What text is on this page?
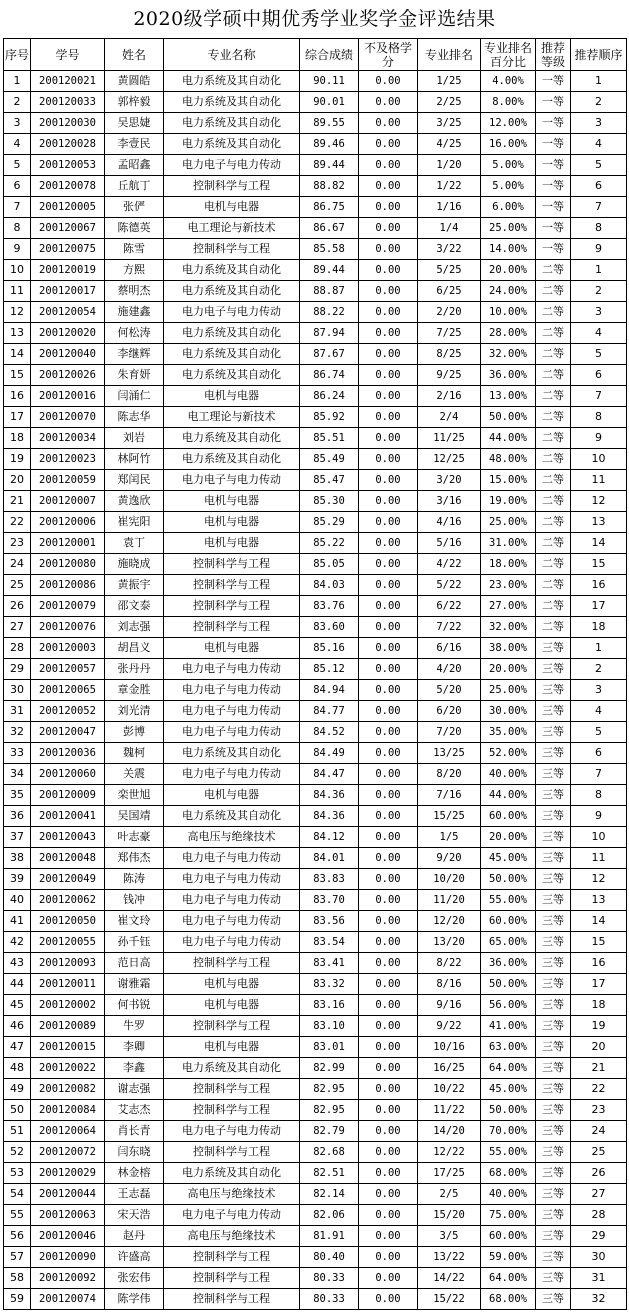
2020级学硕中期优秀学业奖学金评选结果
序号	学号	姓名	专业名称	综合成绩	不及格学分	专业排名	专业排名百分比	推荐等级	推荐顺序
1	200120021	黄圆皓	电力系统及其自动化	90.11	0.00	1/25	4.00%	一等	1
2	200120033	郭梓毅	电力系统及其自动化	90.01	0.00	2/25	8.00%	一等	2
3	200120030	吴思婕	电力系统及其自动化	89.55	0.00	3/25	12.00%	一等	3
4	200120028	李壹民	电力系统及其自动化	89.46	0.00	4/25	16.00%	一等	4
5	200120053	孟昭鑫	电力电子与电力传动	89.44	0.00	1/20	5.00%	一等	5
6	200120078	丘航丁	控制科学与工程	88.82	0.00	1/22	5.00%	一等	6
7	200120005	张俨	电机与电器	86.75	0.00	1/16	6.00%	一等	7
8	200120067	陈德英	电工理论与新技术	86.67	0.00	1/4	25.00%	一等	8
9	200120075	陈雪	控制科学与工程	85.58	0.00	3/22	14.00%	一等	9
10	200120019	方熙	电力系统及其自动化	89.44	0.00	5/25	20.00%	二等	1
11	200120017	蔡明杰	电力系统及其自动化	88.87	0.00	6/25	24.00%	二等	2
12	200120054	施建鑫	电力电子与电力传动	88.22	0.00	2/20	10.00%	二等	3
13	200120020	何松涛	电力系统及其自动化	87.94	0.00	7/25	28.00%	二等	4
14	200120040	李继辉	电力系统及其自动化	87.67	0.00	8/25	32.00%	二等	5
15	200120026	朱育妍	电力系统及其自动化	86.74	0.00	9/25	36.00%	二等	6
16	200120016	闫涌仁	电机与电器	86.24	0.00	2/16	13.00%	二等	7
17	200120070	陈志华	电工理论与新技术	85.92	0.00	2/4	50.00%	二等	8
18	200120034	刘岩	电力系统及其自动化	85.51	0.00	11/25	44.00%	二等	9
19	200120023	林阿竹	电力系统及其自动化	85.49	0.00	12/25	48.00%	二等	10
20	200120059	郑闰民	电力电子与电力传动	85.47	0.00	3/20	15.00%	二等	11
21	200120007	黄逸欣	电机与电器	85.30	0.00	3/16	19.00%	二等	12
22	200120006	崔宪阳	电机与电器	85.29	0.00	4/16	25.00%	二等	13
23	200120001	袁丁	电机与电器	85.22	0.00	5/16	31.00%	二等	14
24	200120080	施晓成	控制科学与工程	85.05	0.00	4/22	18.00%	二等	15
25	200120086	黄振宇	控制科学与工程	84.03	0.00	5/22	23.00%	二等	16
26	200120079	邵文泰	控制科学与工程	83.76	0.00	6/22	27.00%	二等	17
27	200120076	刘志强	控制科学与工程	83.60	0.00	7/22	32.00%	二等	18
28	200120003	胡昌义	电机与电器	85.16	0.00	6/16	38.00%	三等	1
29	200120057	张丹丹	电力电子与电力传动	85.12	0.00	4/20	20.00%	三等	2
30	200120065	章金胜	电力电子与电力传动	84.94	0.00	5/20	25.00%	三等	3
31	200120052	刘光清	电力电子与电力传动	84.77	0.00	6/20	30.00%	三等	4
32	200120047	彭博	电力电子与电力传动	84.52	0.00	7/20	35.00%	三等	5
33	200120036	魏柯	电力系统及其自动化	84.49	0.00	13/25	52.00%	三等	6
34	200120060	关震	电力电子与电力传动	84.47	0.00	8/20	40.00%	三等	7
35	200120009	栾世旭	电机与电器	84.36	0.00	7/16	44.00%	三等	8
36	200120041	吴国靖	电力系统及其自动化	84.36	0.00	15/25	60.00%	三等	9
37	200120043	叶志豪	高电压与绝缘技术	84.12	0.00	1/5	20.00%	三等	10
38	200120048	郑伟杰	电力电子与电力传动	84.01	0.00	9/20	45.00%	三等	11
39	200120049	陈涛	电力电子与电力传动	83.83	0.00	10/20	50.00%	三等	12
40	200120062	钱冲	电力电子与电力传动	83.70	0.00	11/20	55.00%	三等	13
41	200120050	崔文玲	电力电子与电力传动	83.56	0.00	12/20	60.00%	三等	14
42	200120055	孙千钰	电力电子与电力传动	83.54	0.00	13/20	65.00%	三等	15
43	200120093	范日高	控制科学与工程	83.41	0.00	8/22	36.00%	三等	16
44	200120011	谢雅霜	电机与电器	83.32	0.00	8/16	50.00%	三等	17
45	200120002	何书锐	电机与电器	83.16	0.00	9/16	56.00%	三等	18
46	200120089	牛罗	控制科学与工程	83.10	0.00	9/22	41.00%	三等	19
47	200120015	李卿	电机与电器	83.01	0.00	10/16	63.00%	三等	20
48	200120022	李鑫	电力系统及其自动化	82.99	0.00	16/25	64.00%	三等	21
49	200120082	谢志强	控制科学与工程	82.95	0.00	10/22	45.00%	三等	22
50	200120084	艾志杰	控制科学与工程	82.95	0.00	11/22	50.00%	三等	23
51	200120064	肖长青	电力电子与电力传动	82.79	0.00	14/20	70.00%	三等	24
52	200120072	闫东晓	控制科学与工程	82.68	0.00	12/22	55.00%	三等	25
53	200120029	林金榕	电力系统及其自动化	82.51	0.00	17/25	68.00%	三等	26
54	200120044	王志磊	高电压与绝缘技术	82.14	0.00	2/5	40.00%	三等	27
55	200120063	宋天浩	电力电子与电力传动	82.06	0.00	15/20	75.00%	三等	28
56	200120046	赵丹	高电压与绝缘技术	81.91	0.00	3/5	60.00%	三等	29
57	200120090	许盛高	控制科学与工程	80.40	0.00	13/22	59.00%	三等	30
58	200120092	张宏伟	控制科学与工程	80.33	0.00	14/22	64.00%	三等	31
59	200120074	陈学伟	控制科学与工程	80.33	0.00	15/22	68.00%	三等	32
